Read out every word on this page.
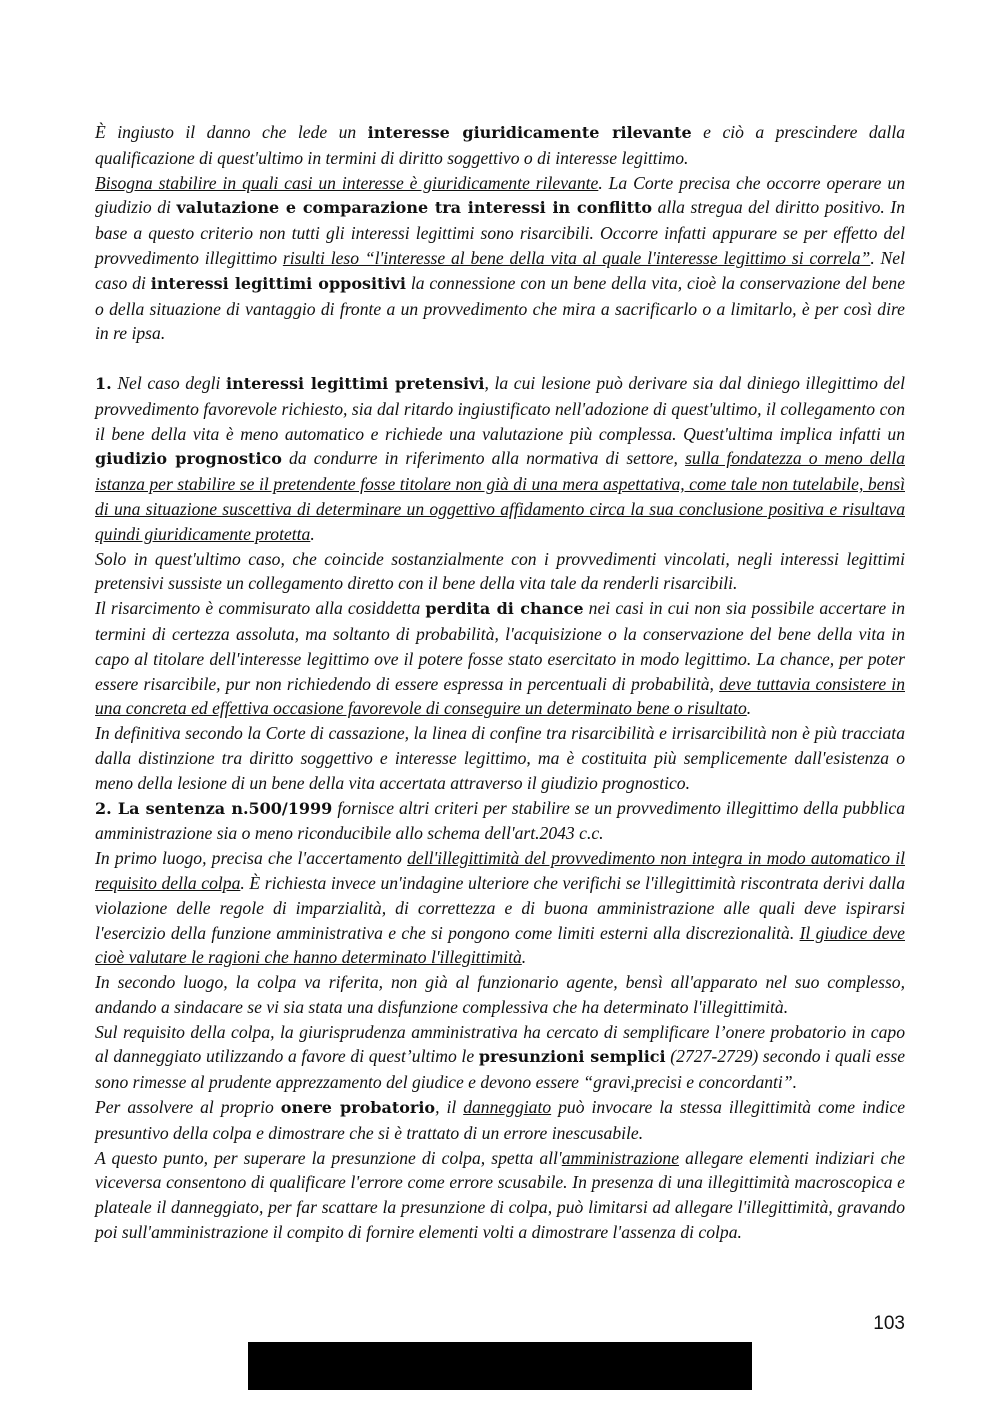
È ingiusto il danno che lede un interesse giuridicamente rilevante e ciò a prescindere dalla qualificazione di quest'ultimo in termini di diritto soggettivo o di interesse legittimo.

Bisogna stabilire in quali casi un interesse è giuridicamente rilevante. La Corte precisa che occorre operare un giudizio di valutazione e comparazione tra interessi in conflitto alla stregua del diritto positivo. In base a questo criterio non tutti gli interessi legittimi sono risarcibili. Occorre infatti appurare se per effetto del provvedimento illegittimo risulti leso “l'interesse al bene della vita al quale l'interesse legittimo si correla”. Nel caso di interessi legittimi oppositivi la connessione con un bene della vita, cioè la conservazione del bene o della situazione di vantaggio di fronte a un provvedimento che mira a sacrificarlo o a limitarlo, è per così dire in re ipsa.

1. Nel caso degli interessi legittimi pretensivi, la cui lesione può derivare sia dal diniego illegittimo del provvedimento favorevole richiesto, sia dal ritardo ingiustificato nell'adozione di quest'ultimo, il collegamento con il bene della vita è meno automatico e richiede una valutazione più complessa. Quest'ultima implica infatti un giudizio prognostico da condurre in riferimento alla normativa di settore, sulla fondatezza o meno della istanza per stabilire se il pretendente fosse titolare non già di una mera aspettativa, come tale non tutelabile, bensì di una situazione suscettiva di determinare un oggettivo affidamento circa la sua conclusione positiva e risultava quindi giuridicamente protetta.

Solo in quest'ultimo caso, che coincide sostanzialmente con i provvedimenti vincolati, negli interessi legittimi pretensivi sussiste un collegamento diretto con il bene della vita tale da renderli risarcibili.

Il risarcimento è commisurato alla cosiddetta perdita di chance nei casi in cui non sia possibile accertare in termini di certezza assoluta, ma soltanto di probabilità, l'acquisizione o la conservazione del bene della vita in capo al titolare dell'interesse legittimo ove il potere fosse stato esercitato in modo legittimo. La chance, per poter essere risarcibile, pur non richiedendo di essere espressa in percentuali di probabilità, deve tuttavia consistere in una concreta ed effettiva occasione favorevole di conseguire un determinato bene o risultato.

In definitiva secondo la Corte di cassazione, la linea di confine tra risarcibilità e irrisarcibilità non è più tracciata dalla distinzione tra diritto soggettivo e interesse legittimo, ma è costituita più semplicemente dall'esistenza o meno della lesione di un bene della vita accertata attraverso il giudizio prognostico.

2. La sentenza n.500/1999 fornisce altri criteri per stabilire se un provvedimento illegittimo della pubblica amministrazione sia o meno riconducibile allo schema dell'art.2043 c.c.

In primo luogo, precisa che l'accertamento dell'illegittimità del provvedimento non integra in modo automatico il requisito della colpa. È richiesta invece un'indagine ulteriore che verifichi se l'illegittimità riscontrata derivi dalla violazione delle regole di imparzialità, di correttezza e di buona amministrazione alle quali deve ispirarsi l'esercizio della funzione amministrativa e che si pongono come limiti esterni alla discrezionalità. Il giudice deve cioè valutare le ragioni che hanno determinato l'illegittimità.

In secondo luogo, la colpa va riferita, non già al funzionario agente, bensì all'apparato nel suo complesso, andando a sindacare se vi sia stata una disfunzione complessiva che ha determinato l'illegittimità.

Sul requisito della colpa, la giurisprudenza amministrativa ha cercato di semplificare l’onere probatorio in capo al danneggiato utilizzando a favore di quest’ultimo le presunzioni semplici (2727-2729) secondo i quali esse sono rimesse al prudente apprezzamento del giudice e devono essere “gravi,precisi e concordanti”.

Per assolvere al proprio onere probatorio, il danneggiato può invocare la stessa illegittimità come indice presuntivo della colpa e dimostrare che si è trattato di un errore inescusabile.

A questo punto, per superare la presunzione di colpa, spetta all'amministrazione allegare elementi indiziari che viceversa consentono di qualificare l'errore come errore scusabile. In presenza di una illegittimità macroscopica e plateale il danneggiato, per far scattare la presunzione di colpa, può limitarsi ad allegare l'illegittimità, gravando poi sull'amministrazione il compito di fornire elementi volti a dimostrare l'assenza di colpa.

103
